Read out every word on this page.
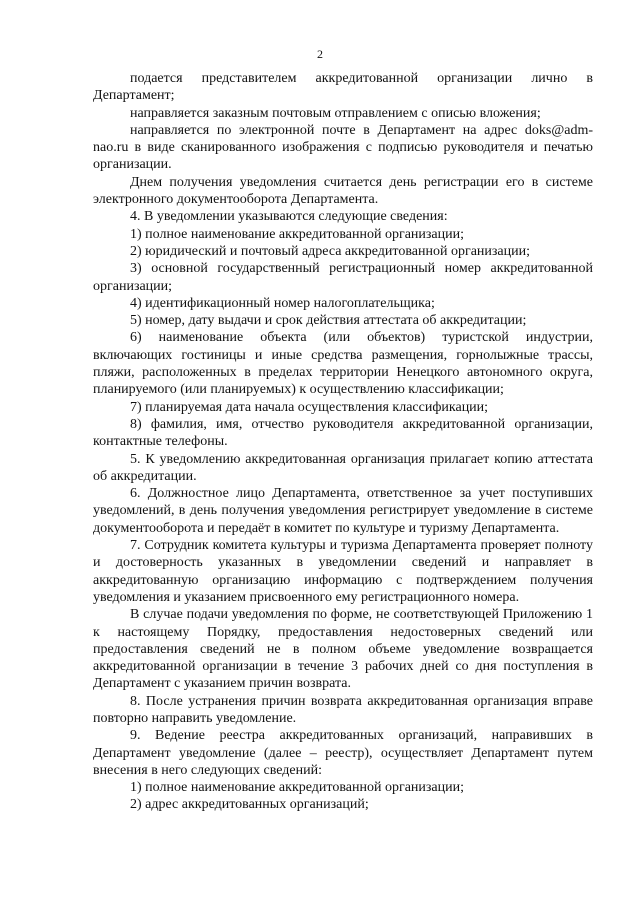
2

подается представителем аккредитованной организации лично в Департамент;

направляется заказным почтовым отправлением с описью вложения;

направляется по электронной почте в Департамент на адрес doks@adm-nao.ru в виде сканированного изображения с подписью руководителя и печатью организации.

Днем получения уведомления считается день регистрации его в системе электронного документооборота Департамента.

4. В уведомлении указываются следующие сведения:

1) полное наименование аккредитованной организации;

2) юридический и почтовый адреса аккредитованной организации;

3) основной государственный регистрационный номер аккредитованной организации;

4) идентификационный номер налогоплательщика;

5) номер, дату выдачи и срок действия аттестата об аккредитации;

6) наименование объекта (или объектов) туристской индустрии, включающих гостиницы и иные средства размещения, горнолыжные трассы, пляжи, расположенных в пределах территории Ненецкого автономного округа, планируемого (или планируемых) к осуществлению классификации;

7) планируемая дата начала осуществления классификации;

8) фамилия, имя, отчество руководителя аккредитованной организации, контактные телефоны.

5. К уведомлению аккредитованная организация прилагает копию аттестата об аккредитации.

6. Должностное лицо Департамента, ответственное за учет поступивших уведомлений, в день получения уведомления регистрирует уведомление в системе документооборота и передаёт в комитет по культуре и туризму Департамента.

7. Сотрудник комитета культуры и туризма Департамента проверяет полноту и достоверность указанных в уведомлении сведений и направляет в аккредитованную организацию информацию с подтверждением получения уведомления и указанием присвоенного ему регистрационного номера.

В случае подачи уведомления по форме, не соответствующей Приложению 1 к настоящему Порядку, предоставления недостоверных сведений или предоставления сведений не в полном объеме уведомление возвращается аккредитованной организации в течение 3 рабочих дней со дня поступления в Департамент с указанием причин возврата.

8. После устранения причин возврата аккредитованная организация вправе повторно направить уведомление.

9. Ведение реестра аккредитованных организаций, направивших в Департамент уведомление (далее – реестр), осуществляет Департамент путем внесения в него следующих сведений:

1) полное наименование аккредитованной организации;

2) адрес аккредитованных организаций;
